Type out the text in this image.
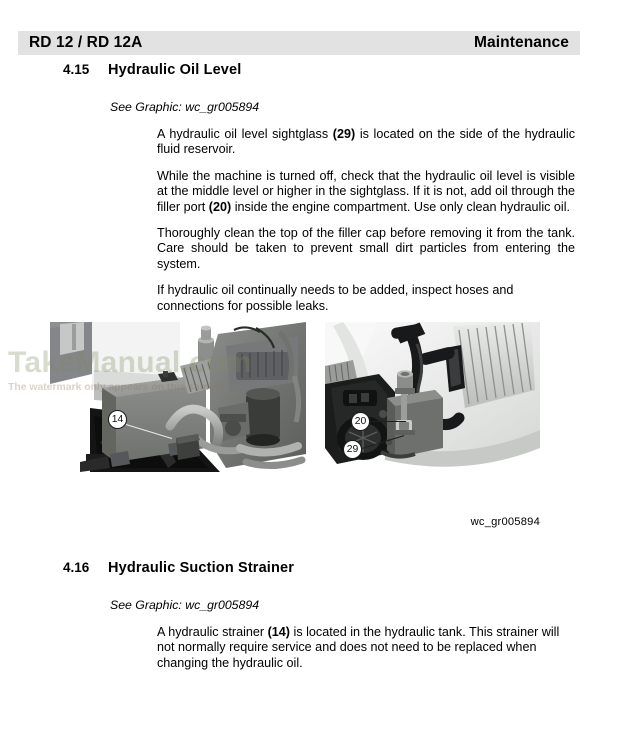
RD 12 / RD 12A	Maintenance
4.15	Hydraulic Oil Level
See Graphic: wc_gr005894

A hydraulic oil level sightglass (29) is located on the side of the hydraulic fluid reservoir.

While the machine is turned off, check that the hydraulic oil level is visible at the middle level or higher in the sightglass. If it is not, add oil through the filler port (20) inside the engine compartment. Use only clean hydraulic oil.

Thoroughly clean the top of the filler cap before removing it from the tank. Care should be taken to prevent small dirt particles from entering the system.

If hydraulic oil continually needs to be added, inspect hoses and connections for possible leaks.

14	20
29
wc_gr005894
TakeManual.com
The watermark only appears on this sample
4.16	Hydraulic Suction Strainer
See Graphic: wc_gr005894

A hydraulic strainer (14) is located in the hydraulic tank. This strainer will not normally require service and does not need to be replaced when changing the hydraulic oil.
